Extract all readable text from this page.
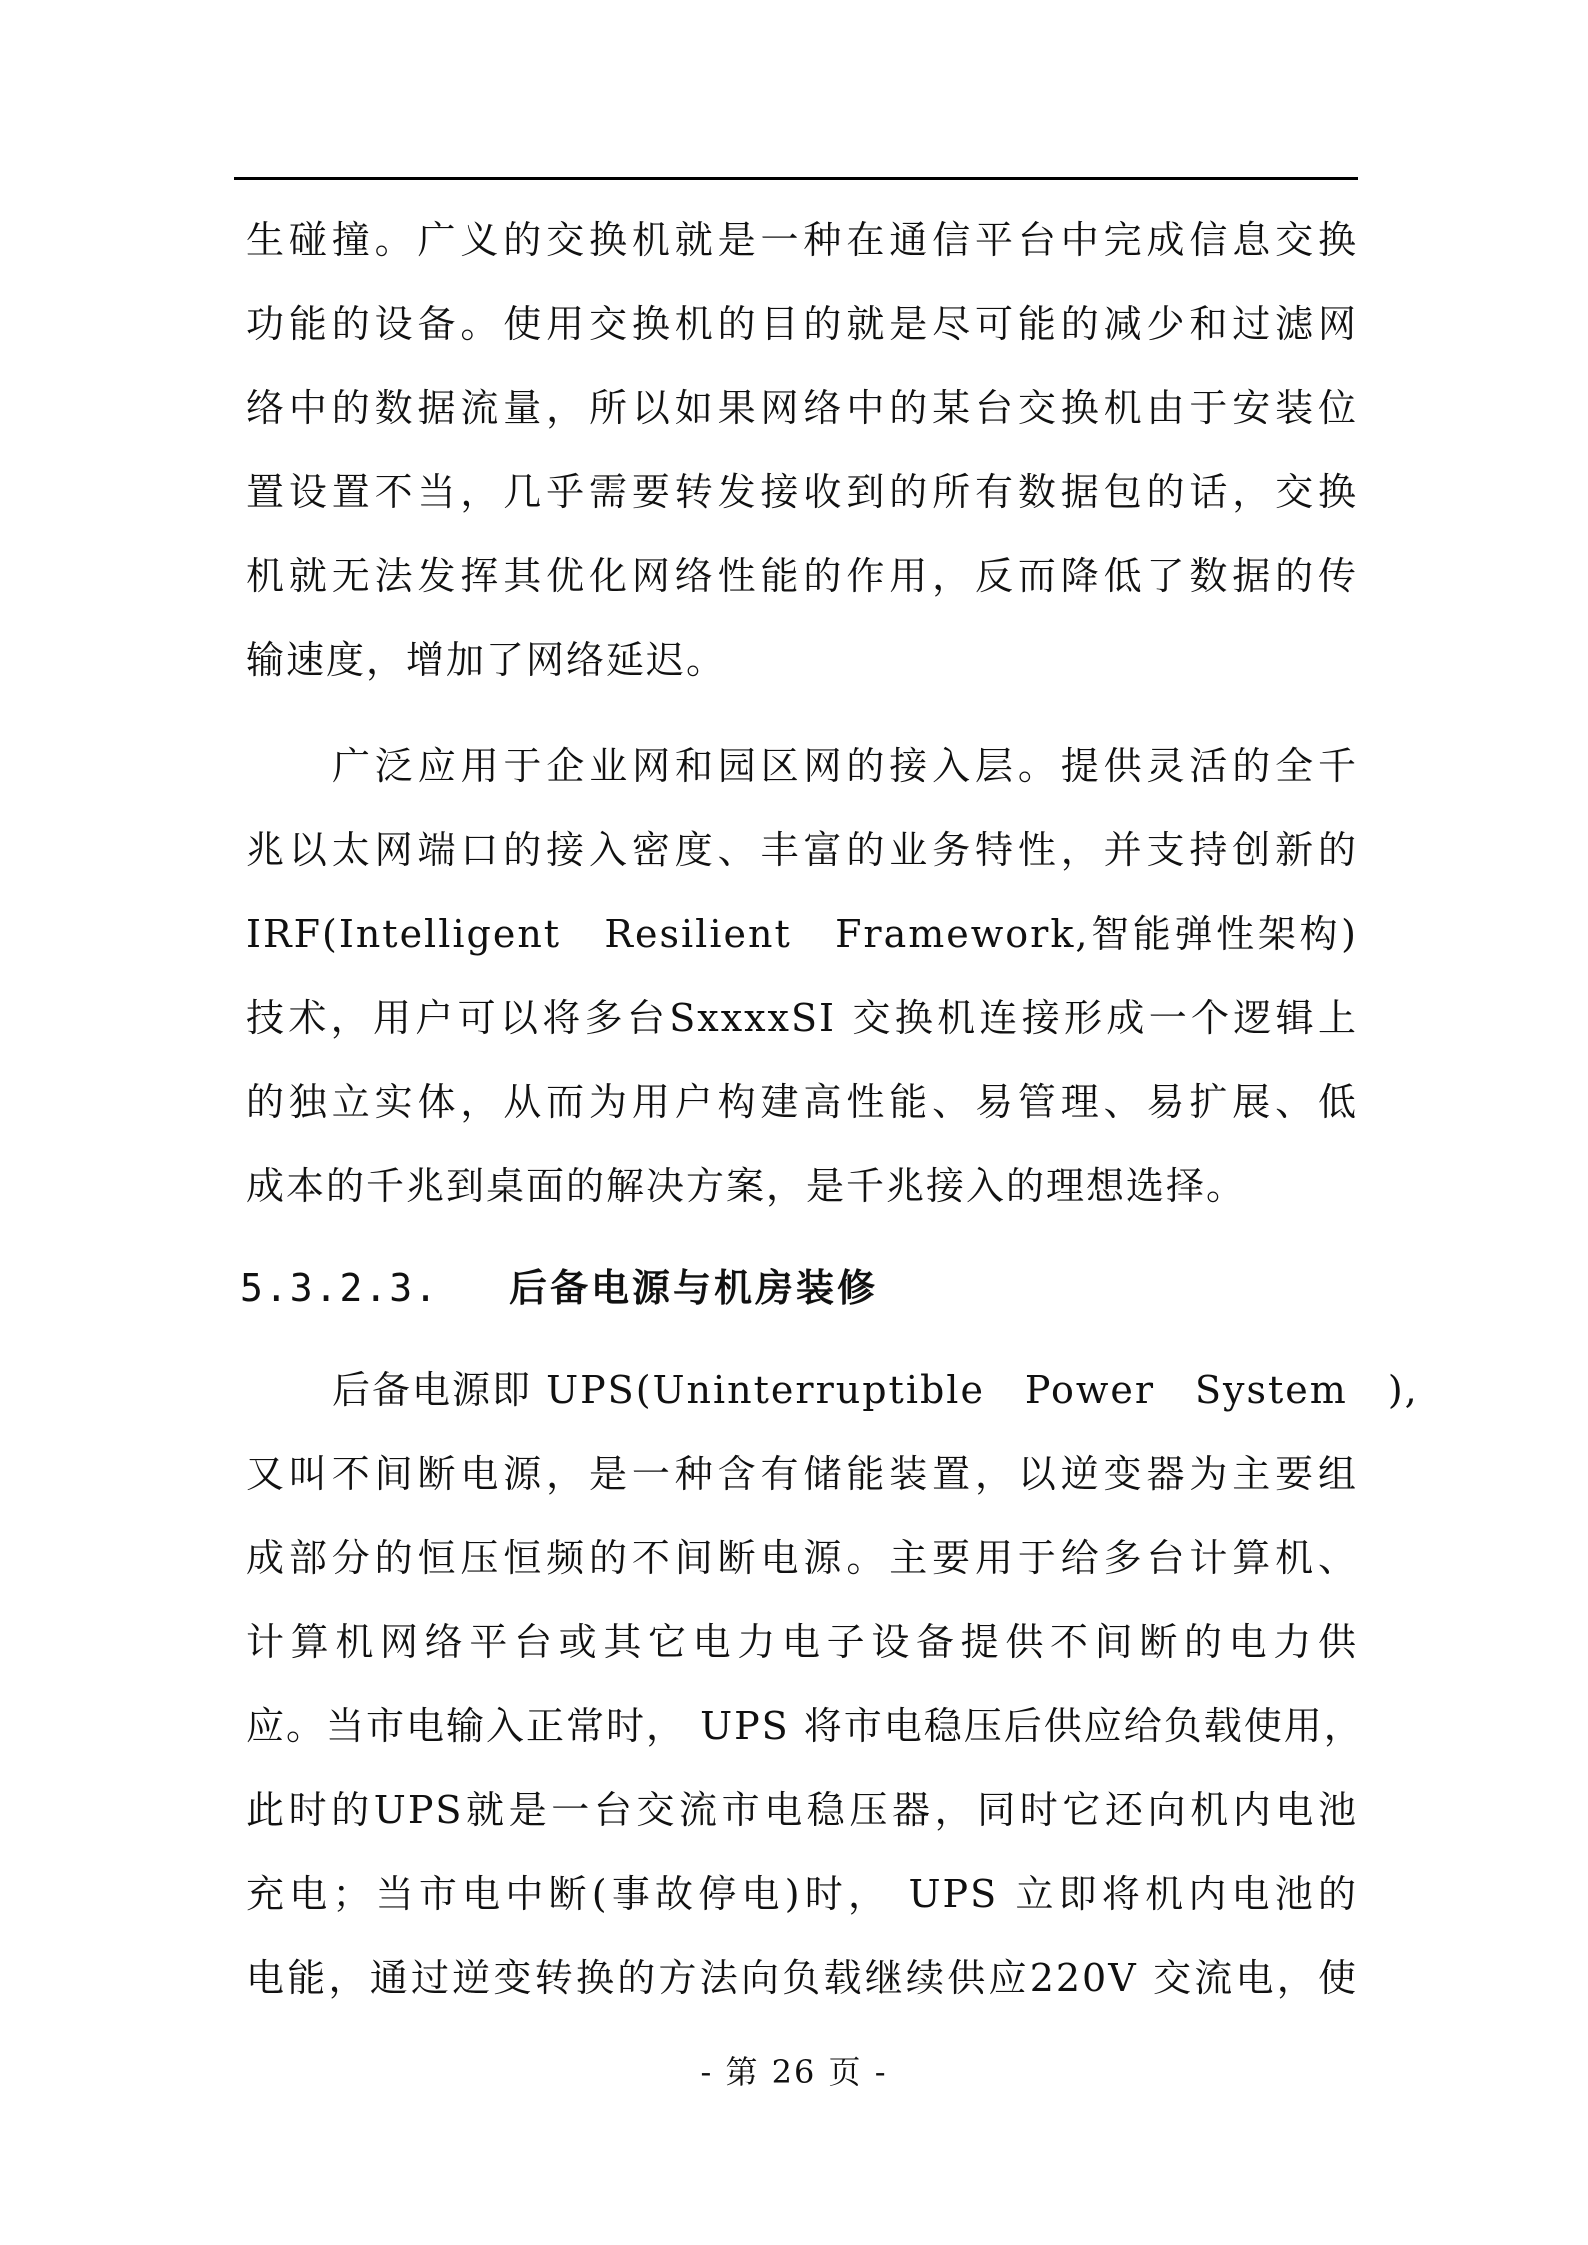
生碰撞。广义的交换机就是一种在通信平台中完成信息交换
功能的设备。使用交换机的目的就是尽可能的减少和过滤网
络中的数据流量，所以如果网络中的某台交换机由于安装位
置设置不当，几乎需要转发接收到的所有数据包的话，交换
机就无法发挥其优化网络性能的作用，反而降低了数据的传
输速度，增加了网络延迟。
广泛应用于企业网和园区网的接入层。提供灵活的全千
兆以太网端口的接入密度、丰富的业务特性，并支持创新的
IRF(Intelligent　Resilient　Framework,智能弹性架构)
技术，用户可以将多台SxxxxSI 交换机连接形成一个逻辑上
的独立实体，从而为用户构建高性能、易管理、易扩展、低
成本的千兆到桌面的解决方案，是千兆接入的理想选择。
5.3.2.3. 后备电源与机房装修
后备电源即 UPS(Uninterruptible　Power　System　),
又叫不间断电源，是一种含有储能装置，以逆变器为主要组
成部分的恒压恒频的不间断电源。主要用于给多台计算机、
计算机网络平台或其它电力电子设备提供不间断的电力供
应。当市电输入正常时， UPS 将市电稳压后供应给负载使用，
此时的UPS就是一台交流市电稳压器，同时它还向机内电池
充电；当市电中断(事故停电)时， UPS 立即将机内电池的
电能，通过逆变转换的方法向负载继续供应220V 交流电，使
- 第 26 页 -
